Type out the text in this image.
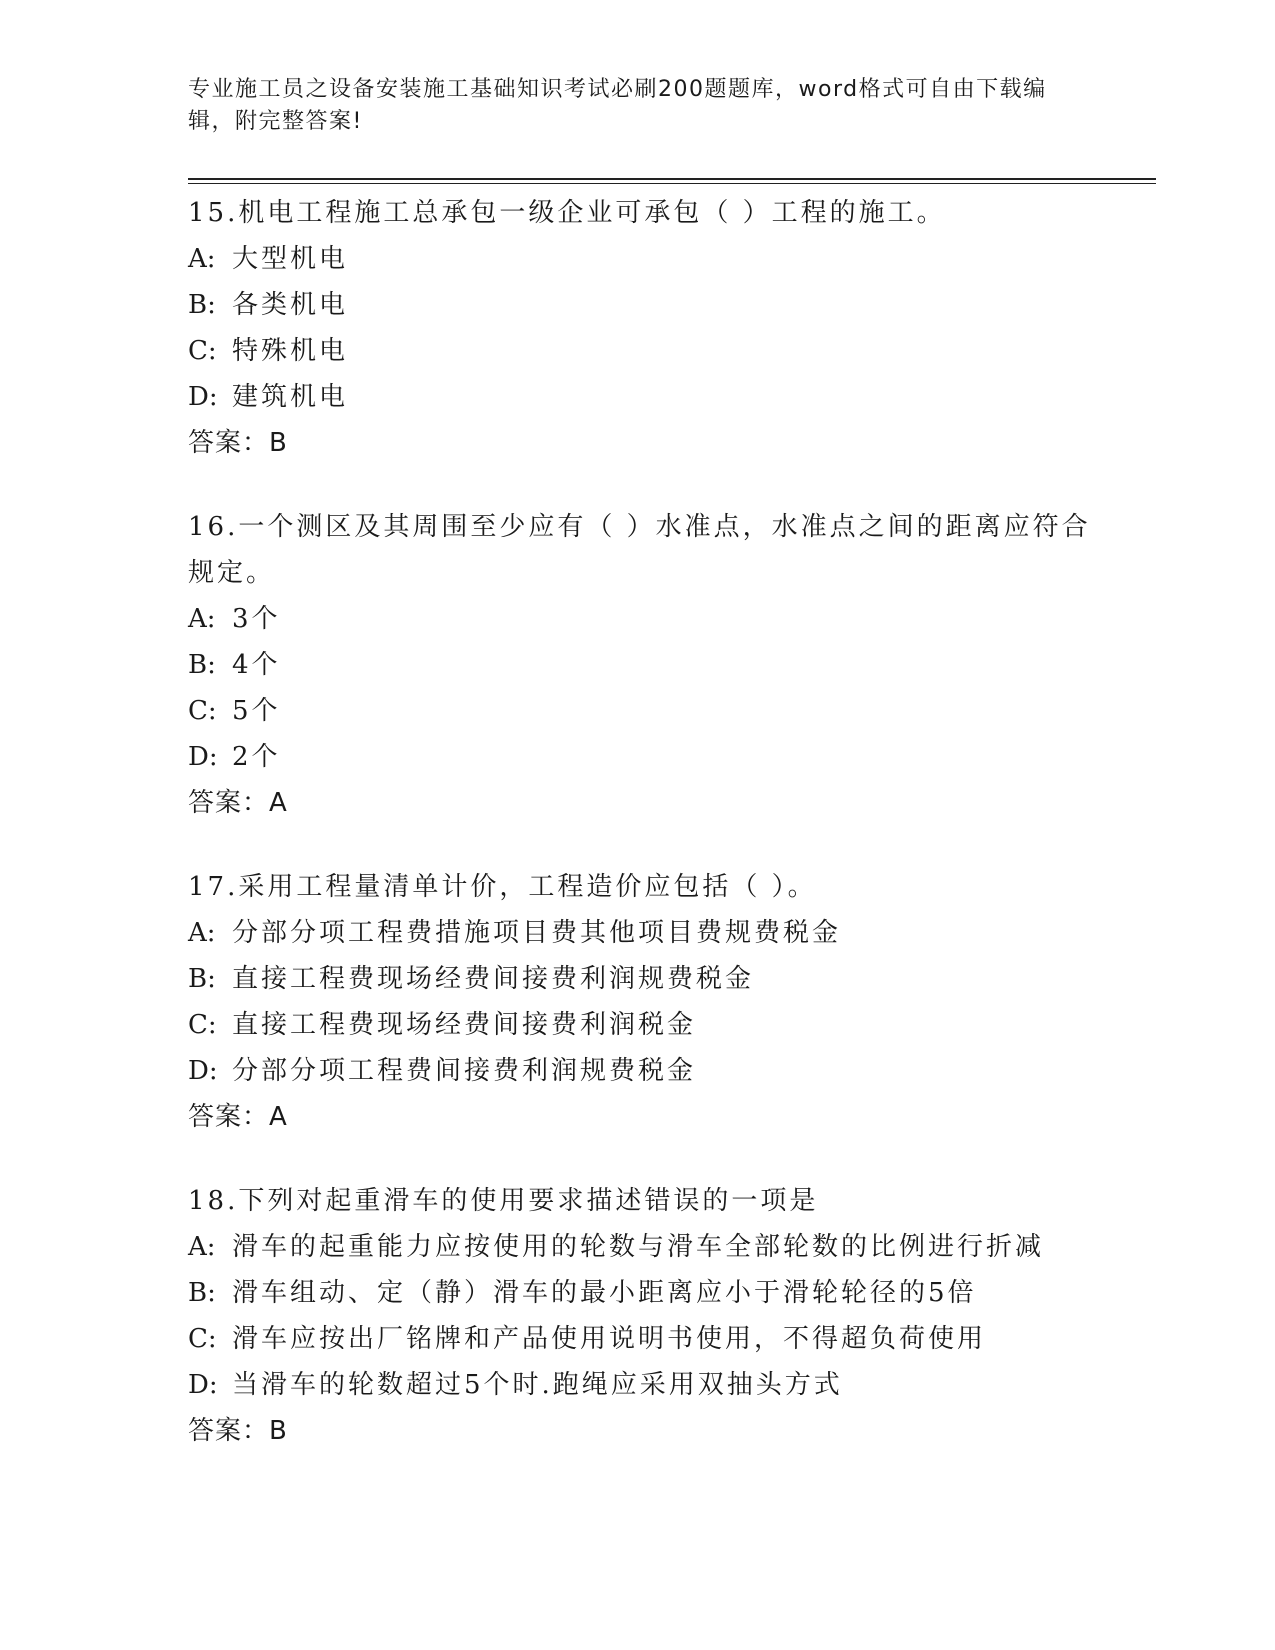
专业施工员之设备安装施工基础知识考试必刷200题题库，word格式可自由下载编辑，附完整答案!
15.机电工程施工总承包一级企业可承包（ ）工程的施工。
A: 大型机电
B: 各类机电
C: 特殊机电
D: 建筑机电
答案：B
16.一个测区及其周围至少应有（ ）水准点，水准点之间的距离应符合规定。
A: 3个
B: 4个
C: 5个
D: 2个
答案：A
17.采用工程量清单计价，工程造价应包括（ ）。
A: 分部分项工程费措施项目费其他项目费规费税金
B: 直接工程费现场经费间接费利润规费税金
C: 直接工程费现场经费间接费利润税金
D: 分部分项工程费间接费利润规费税金
答案：A
18.下列对起重滑车的使用要求描述错误的一项是
A: 滑车的起重能力应按使用的轮数与滑车全部轮数的比例进行折减
B: 滑车组动、定（静）滑车的最小距离应小于滑轮轮径的5倍
C: 滑车应按出厂铭牌和产品使用说明书使用，不得超负荷使用
D: 当滑车的轮数超过5个时.跑绳应采用双抽头方式
答案：B
